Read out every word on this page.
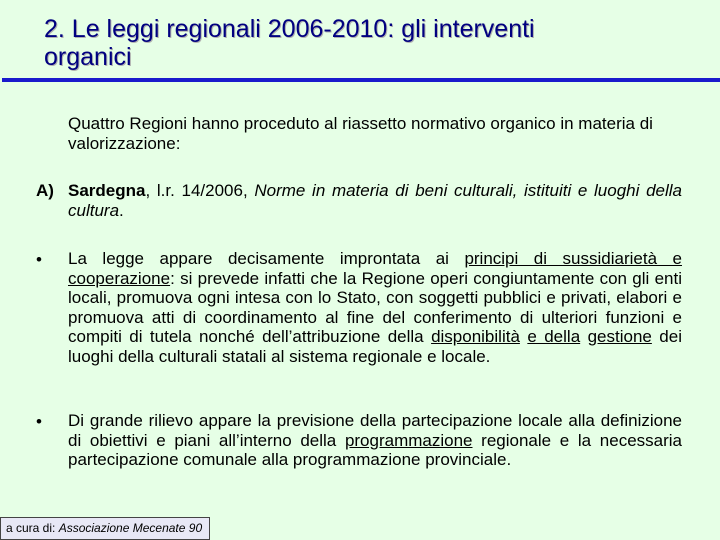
2. Le leggi regionali 2006-2010: gli interventi
organici
Quattro Regioni hanno proceduto al riassetto normativo organico in materia di valorizzazione:
A) Sardegna, l.r. 14/2006, Norme in materia di beni culturali, istituiti e luoghi della cultura.
• La legge appare decisamente improntata ai principi di sussidiarietà e cooperazione: si prevede infatti che la Regione operi congiuntamente con gli enti locali, promuova ogni intesa con lo Stato, con soggetti pubblici e privati, elabori e promuova atti di coordinamento al fine del conferimento di ulteriori funzioni e compiti di tutela nonché dell’attribuzione della disponibilità e della gestione dei luoghi della culturali statali al sistema regionale e locale.
• Di grande rilievo appare la previsione della partecipazione locale alla definizione di obiettivi e piani all’interno della programmazione regionale e la necessaria partecipazione comunale alla programmazione provinciale.
a cura di: Associazione Mecenate 90
